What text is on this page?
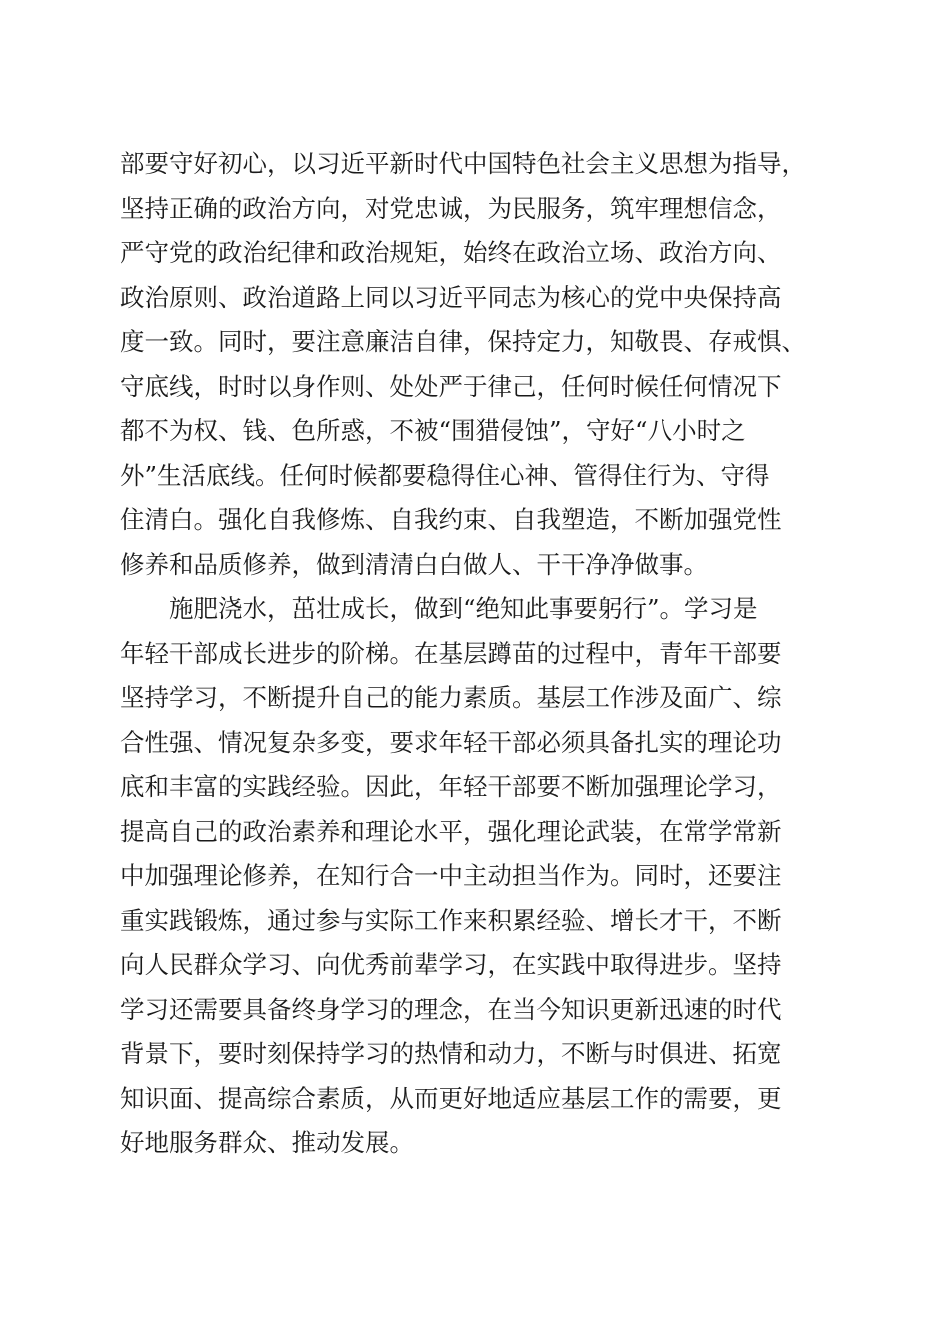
部要守好初心，以习近平新时代中国特色社会主义思想为指导，
坚持正确的政治方向，对党忠诚，为民服务，筑牢理想信念，
严守党的政治纪律和政治规矩，始终在政治立场、政治方向、
政治原则、政治道路上同以习近平同志为核心的党中央保持高
度一致。同时，要注意廉洁自律，保持定力，知敬畏、存戒惧、
守底线，时时以身作则、处处严于律己，任何时候任何情况下
都不为权、钱、色所惑，不被“围猎侵蚀”，守好“八小时之
外”生活底线。任何时候都要稳得住心神、管得住行为、守得
住清白。强化自我修炼、自我约束、自我塑造，不断加强党性
修养和品质修养，做到清清白白做人、干干净净做事。
施肥浇水，茁壮成长，做到“绝知此事要躬行”。学习是
年轻干部成长进步的阶梯。在基层蹲苗的过程中，青年干部要
坚持学习，不断提升自己的能力素质。基层工作涉及面广、综
合性强、情况复杂多变，要求年轻干部必须具备扎实的理论功
底和丰富的实践经验。因此，年轻干部要不断加强理论学习，
提高自己的政治素养和理论水平，强化理论武装，在常学常新
中加强理论修养，在知行合一中主动担当作为。同时，还要注
重实践锻炼，通过参与实际工作来积累经验、增长才干，不断
向人民群众学习、向优秀前辈学习，在实践中取得进步。坚持
学习还需要具备终身学习的理念，在当今知识更新迅速的时代
背景下，要时刻保持学习的热情和动力，不断与时俱进、拓宽
知识面、提高综合素质，从而更好地适应基层工作的需要，更
好地服务群众、推动发展。
